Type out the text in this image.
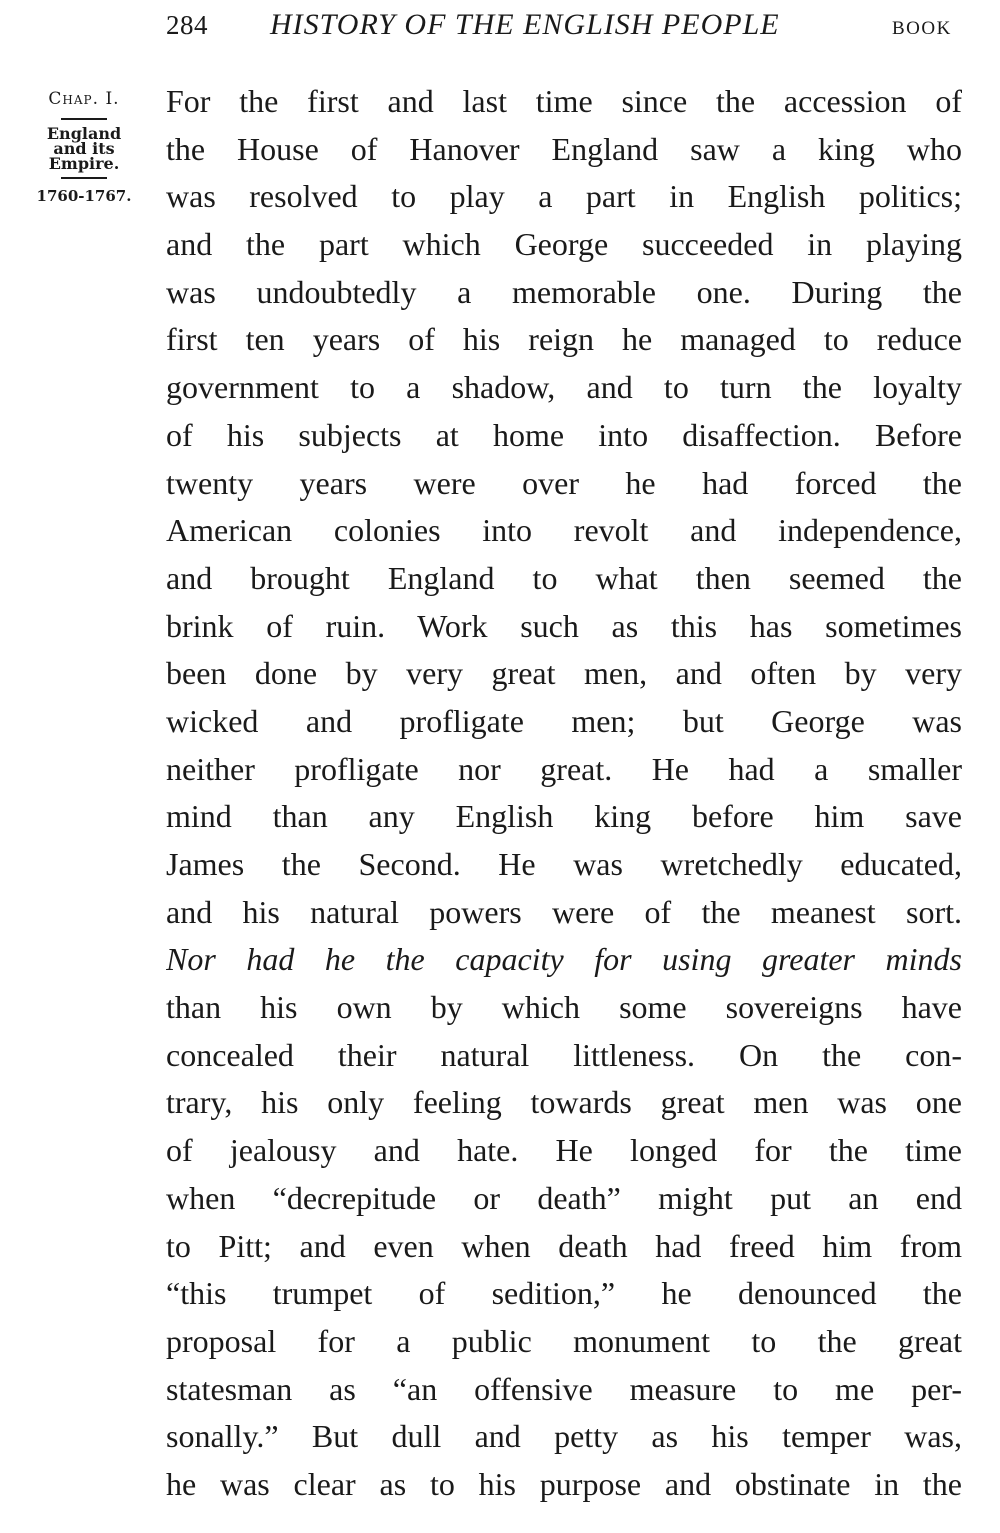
284 HISTORY OF THE ENGLISH PEOPLE	BOOK
Chap. I.
England
and its
Empire.
1760-1767.
For the first and last time since the accession of
the House of Hanover England saw a king who
was resolved to play a part in English politics;
and the part which George succeeded in playing
was undoubtedly a memorable one. During the
first ten years of his reign he managed to reduce
government to a shadow, and to turn the loyalty
of his subjects at home into disaffection. Before
twenty years were over he had forced the
American colonies into revolt and independence,
and brought England to what then seemed the
brink of ruin. Work such as this has sometimes
been done by very great men, and often by very
wicked and profligate men; but George was
neither profligate nor great. He had a smaller
mind than any English king before him save
James the Second. He was wretchedly educated,
and his natural powers were of the meanest sort.
Nor had he the capacity for using greater minds
than his own by which some sovereigns have
concealed their natural littleness. On the con-
trary, his only feeling towards great men was one
of jealousy and hate. He longed for the time
when “decrepitude or death” might put an end
to Pitt; and even when death had freed him from
“this trumpet of sedition,” he denounced the
proposal for a public monument to the great
statesman as “an offensive measure to me per-
sonally.” But dull and petty as his temper was,
he was clear as to his purpose and obstinate in the
